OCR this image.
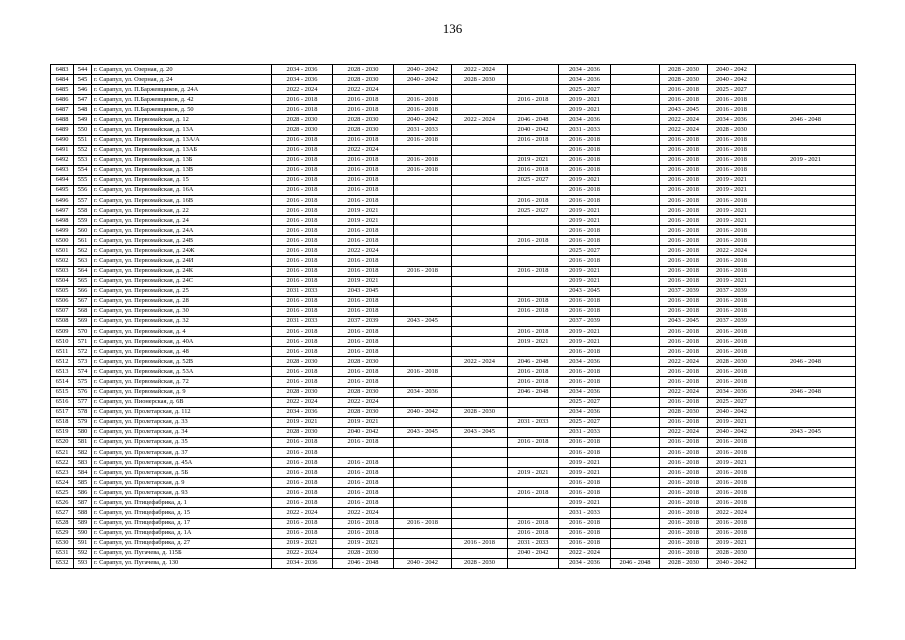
136
6483	544	г. Сарапул, ул. Озерная, д. 20	2034 - 2036	2028 - 2030	2040 - 2042	2022 - 2024		2034 - 2036		2028 - 2030	2040 - 2042	
6484	545	г. Сарапул, ул. Озерная, д. 24	2034 - 2036	2028 - 2030	2040 - 2042	2028 - 2030		2034 - 2036		2028 - 2030	2040 - 2042	
6485	546	г. Сарапул, ул. П.Баржевщиков, д. 24А	2022 - 2024	2022 - 2024				2025 - 2027		2016 - 2018	2025 - 2027	
6486	547	г. Сарапул, ул. П.Баржевщиков, д. 42	2016 - 2018	2016 - 2018	2016 - 2018		2016 - 2018	2019 - 2021		2016 - 2018	2016 - 2018	
6487	548	г. Сарапул, ул. П.Баржевщиков, д. 50	2016 - 2018	2016 - 2018	2016 - 2018			2019 - 2021		2043 - 2045	2016 - 2018	
6488	549	г. Сарапул, ул. Первомайская, д. 12	2028 - 2030	2028 - 2030	2040 - 2042	2022 - 2024	2046 - 2048	2034 - 2036		2022 - 2024	2034 - 2036	2046 - 2048
6489	550	г. Сарапул, ул. Первомайская, д. 13А	2028 - 2030	2028 - 2030	2031 - 2033		2040 - 2042	2031 - 2033		2022 - 2024	2028 - 2030	
6490	551	г. Сарапул, ул. Первомайская, д. 13А/А	2016 - 2018	2016 - 2018	2016 - 2018		2016 - 2018	2016 - 2018		2016 - 2018	2016 - 2018	
6491	552	г. Сарапул, ул. Первомайская, д. 13АБ	2016 - 2018	2022 - 2024				2016 - 2018		2016 - 2018	2016 - 2018	
6492	553	г. Сарапул, ул. Первомайская, д. 13Б	2016 - 2018	2016 - 2018	2016 - 2018		2019 - 2021	2016 - 2018		2016 - 2018	2016 - 2018	2019 - 2021
6493	554	г. Сарапул, ул. Первомайская, д. 13В	2016 - 2018	2016 - 2018	2016 - 2018		2016 - 2018	2016 - 2018		2016 - 2018	2016 - 2018	
6494	555	г. Сарапул, ул. Первомайская, д. 15	2016 - 2018	2016 - 2018			2025 - 2027	2019 - 2021		2016 - 2018	2019 - 2021	
6495	556	г. Сарапул, ул. Первомайская, д. 16А	2016 - 2018	2016 - 2018				2016 - 2018		2016 - 2018	2019 - 2021	
6496	557	г. Сарапул, ул. Первомайская, д. 16В	2016 - 2018	2016 - 2018			2016 - 2018	2016 - 2018		2016 - 2018	2016 - 2018	
6497	558	г. Сарапул, ул. Первомайская, д. 22	2016 - 2018	2019 - 2021			2025 - 2027	2019 - 2021		2016 - 2018	2019 - 2021	
6498	559	г. Сарапул, ул. Первомайская, д. 24	2016 - 2018	2019 - 2021				2019 - 2021		2016 - 2018	2019 - 2021	
6499	560	г. Сарапул, ул. Первомайская, д. 24А	2016 - 2018	2016 - 2018				2016 - 2018		2016 - 2018	2016 - 2018	
6500	561	г. Сарапул, ул. Первомайская, д. 24В	2016 - 2018	2016 - 2018			2016 - 2018	2016 - 2018		2016 - 2018	2016 - 2018	
6501	562	г. Сарапул, ул. Первомайская, д. 24Ж	2016 - 2018	2022 - 2024				2025 - 2027		2016 - 2018	2022 - 2024	
6502	563	г. Сарапул, ул. Первомайская, д. 24И	2016 - 2018	2016 - 2018				2016 - 2018		2016 - 2018	2016 - 2018	
6503	564	г. Сарапул, ул. Первомайская, д. 24К	2016 - 2018	2016 - 2018	2016 - 2018		2016 - 2018	2019 - 2021		2016 - 2018	2016 - 2018	
6504	565	г. Сарапул, ул. Первомайская, д. 24С	2016 - 2018	2019 - 2021				2019 - 2021		2016 - 2018	2019 - 2021	
6505	566	г. Сарапул, ул. Первомайская, д. 25	2031 - 2033	2043 - 2045				2043 - 2045		2037 - 2039	2037 - 2039	
6506	567	г. Сарапул, ул. Первомайская, д. 28	2016 - 2018	2016 - 2018			2016 - 2018	2016 - 2018		2016 - 2018	2016 - 2018	
6507	568	г. Сарапул, ул. Первомайская, д. 30	2016 - 2018	2016 - 2018			2016 - 2018	2016 - 2018		2016 - 2018	2016 - 2018	
6508	569	г. Сарапул, ул. Первомайская, д. 32	2031 - 2033	2037 - 2039	2043 - 2045			2037 - 2039		2043 - 2045	2037 - 2039	
6509	570	г. Сарапул, ул. Первомайская, д. 4	2016 - 2018	2016 - 2018			2016 - 2018	2019 - 2021		2016 - 2018	2016 - 2018	
6510	571	г. Сарапул, ул. Первомайская, д. 40А	2016 - 2018	2016 - 2018			2019 - 2021	2019 - 2021		2016 - 2018	2016 - 2018	
6511	572	г. Сарапул, ул. Первомайская, д. 48	2016 - 2018	2016 - 2018				2016 - 2018		2016 - 2018	2016 - 2018	
6512	573	г. Сарапул, ул. Первомайская, д. 52В	2028 - 2030	2028 - 2030		2022 - 2024	2046 - 2048	2034 - 2036		2022 - 2024	2028 - 2030	2046 - 2048
6513	574	г. Сарапул, ул. Первомайская, д. 53А	2016 - 2018	2016 - 2018	2016 - 2018		2016 - 2018	2016 - 2018		2016 - 2018	2016 - 2018	
6514	575	г. Сарапул, ул. Первомайская, д. 72	2016 - 2018	2016 - 2018			2016 - 2018	2016 - 2018		2016 - 2018	2016 - 2018	
6515	576	г. Сарапул, ул. Первомайская, д. 9	2028 - 2030	2028 - 2030	2034 - 2036		2046 - 2048	2034 - 2036		2022 - 2024	2034 - 2036	2046 - 2048
6516	577	г. Сарапул, ул. Пионерская, д. 6В	2022 - 2024	2022 - 2024				2025 - 2027		2016 - 2018	2025 - 2027	
6517	578	г. Сарапул, ул. Пролетарская, д. 112	2034 - 2036	2028 - 2030	2040 - 2042	2028 - 2030		2034 - 2036		2028 - 2030	2040 - 2042	
6518	579	г. Сарапул, ул. Пролетарская, д. 33	2019 - 2021	2019 - 2021			2031 - 2033	2025 - 2027		2016 - 2018	2019 - 2021	
6519	580	г. Сарапул, ул. Пролетарская, д. 34	2028 - 2030	2040 - 2042	2043 - 2045	2043 - 2045		2031 - 2033		2022 - 2024	2040 - 2042	2043 - 2045
6520	581	г. Сарапул, ул. Пролетарская, д. 35	2016 - 2018	2016 - 2018			2016 - 2018	2016 - 2018		2016 - 2018	2016 - 2018	
6521	582	г. Сарапул, ул. Пролетарская, д. 37	2016 - 2018					2016 - 2018		2016 - 2018	2016 - 2018	
6522	583	г. Сарапул, ул. Пролетарская, д. 45А	2016 - 2018	2016 - 2018				2019 - 2021		2016 - 2018	2019 - 2021	
6523	584	г. Сарапул, ул. Пролетарская, д. 5Б	2016 - 2018	2016 - 2018			2019 - 2021	2019 - 2021		2016 - 2018	2016 - 2018	
6524	585	г. Сарапул, ул. Пролетарская, д. 9	2016 - 2018	2016 - 2018				2016 - 2018		2016 - 2018	2016 - 2018	
6525	586	г. Сарапул, ул. Пролетарская, д. 93	2016 - 2018	2016 - 2018			2016 - 2018	2016 - 2018		2016 - 2018	2016 - 2018	
6526	587	г. Сарапул, ул. Птицефабрика, д. 1	2016 - 2018	2016 - 2018				2019 - 2021		2016 - 2018	2016 - 2018	
6527	588	г. Сарапул, ул. Птицефабрика, д. 15	2022 - 2024	2022 - 2024				2031 - 2033		2016 - 2018	2022 - 2024	
6528	589	г. Сарапул, ул. Птицефабрика, д. 17	2016 - 2018	2016 - 2018	2016 - 2018		2016 - 2018	2016 - 2018		2016 - 2018	2016 - 2018	
6529	590	г. Сарапул, ул. Птицефабрика, д. 1А	2016 - 2018	2016 - 2018			2016 - 2018	2016 - 2018		2016 - 2018	2016 - 2018	
6530	591	г. Сарапул, ул. Птицефабрика, д. 27	2019 - 2021	2019 - 2021		2016 - 2018	2031 - 2033	2016 - 2018		2016 - 2018	2019 - 2021	
6531	592	г. Сарапул, ул. Пугачева, д. 115Б	2022 - 2024	2028 - 2030			2040 - 2042	2022 - 2024		2016 - 2018	2028 - 2030	
6532	593	г. Сарапул, ул. Пугачева, д. 130	2034 - 2036	2046 - 2048	2040 - 2042	2028 - 2030		2034 - 2036	2046 - 2048	2028 - 2030	2040 - 2042	
